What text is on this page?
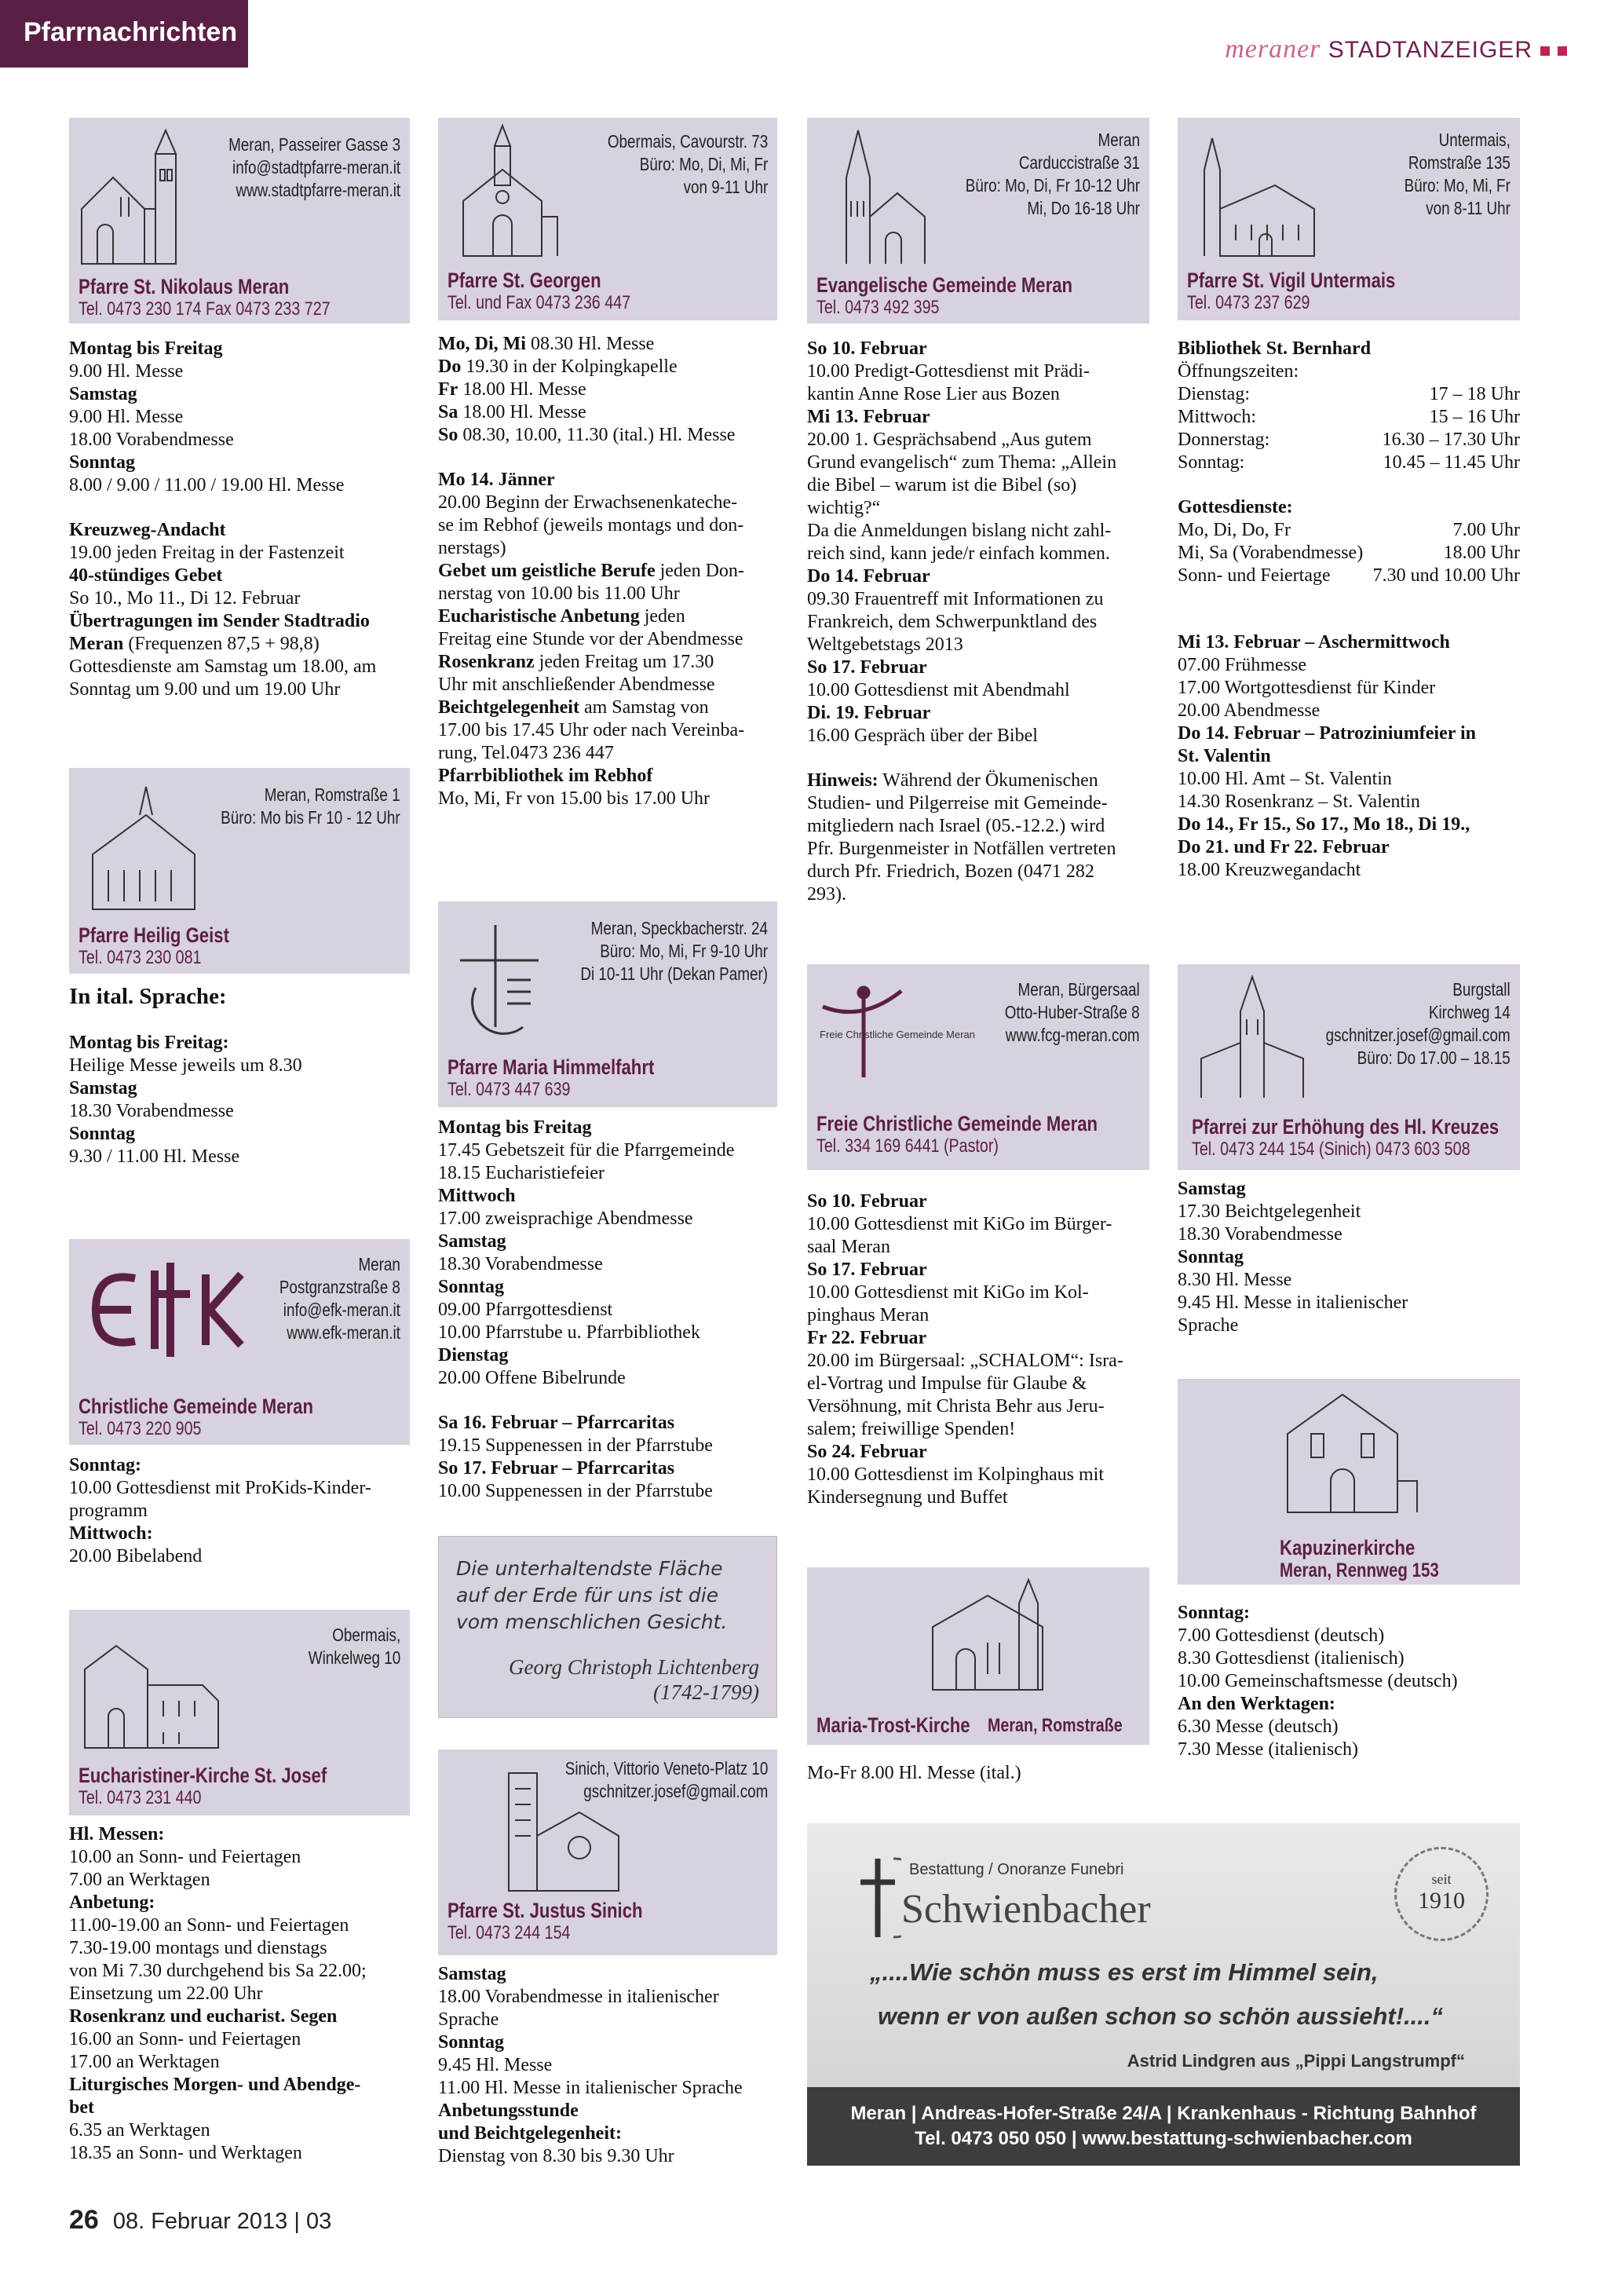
Pfarrnachrichten
meraner STADTANZEIGER
Meran, Passeirer Gasse 3
info@stadtpfarre-meran.it
www.stadtpfarre-meran.it
Pfarre St. Nikolaus Meran
Tel. 0473 230 174 Fax 0473 233 727
Obermais, Cavourstr. 73
Büro: Mo, Di, Mi, Fr
von 9-11 Uhr
Pfarre St. Georgen
Tel. und Fax 0473 236 447
Meran
Carduccistraße 31
Büro: Mo, Di, Fr 10-12 Uhr
Mi, Do 16-18 Uhr
Evangelische Gemeinde Meran
Tel. 0473 492 395
Untermais,
Romstraße 135
Büro: Mo, Mi, Fr
von 8-11 Uhr
Pfarre St. Vigil Untermais
Tel. 0473 237 629
Meran, Romstraße 1
Büro: Mo bis Fr 10 - 12 Uhr
Pfarre Heilig Geist
Tel. 0473 230 081
Meran, Speckbacherstr. 24
Büro: Mo, Mi, Fr 9-10 Uhr
Di 10-11 Uhr (Dekan Pamer)
Pfarre Maria Himmelfahrt
Tel. 0473 447 639
Freie Christliche Gemeinde Meran
Meran, Bürgersaal
Otto-Huber-Straße 8
www.fcg-meran.com
Freie Christliche Gemeinde Meran
Tel. 334 169 6441 (Pastor)
Burgstall
Kirchweg 14
gschnitzer.josef@gmail.com
Büro: Do 17.00 – 18.15
Pfarrei zur Erhöhung des Hl. Kreuzes
Tel. 0473 244 154 (Sinich) 0473 603 508
Meran
Postgranzstraße 8
info@efk-meran.it
www.efk-meran.it
Christliche Gemeinde Meran
Tel. 0473 220 905
Kapuzinerkirche
Meran, Rennweg 153
Obermais,
Winkelweg 10
Eucharistiner-Kirche St. Josef
Tel. 0473 231 440
Sinich, Vittorio Veneto-Platz 10
gschnitzer.josef@gmail.com
Pfarre St. Justus Sinich
Tel. 0473 244 154
Maria-Trost-Kirche Meran, Romstraße
Montag bis Freitag
9.00 Hl. Messe
Samstag
9.00 Hl. Messe
18.00 Vorabendmesse
Sonntag
8.00 / 9.00 / 11.00 / 19.00 Hl. Messe
Kreuzweg-Andacht
19.00 jeden Freitag in der Fastenzeit
40-stündiges Gebet
So 10., Mo 11., Di 12. Februar
Übertragungen im Sender Stadtradio
Meran (Frequenzen 87,5 + 98,8)
Gottesdienste am Samstag um 18.00, am
Sonntag um 9.00 und um 19.00 Uhr
In ital. Sprache:
Montag bis Freitag:
Heilige Messe jeweils um 8.30
Samstag
18.30 Vorabendmesse
Sonntag
9.30 / 11.00 Hl. Messe
Sonntag:
10.00 Gottesdienst mit ProKids-Kinder-
programm
Mittwoch:
20.00 Bibelabend
Hl. Messen:
10.00 an Sonn- und Feiertagen
7.00 an Werktagen
Anbetung:
11.00-19.00 an Sonn- und Feiertagen
7.30-19.00 montags und dienstags
von Mi 7.30 durchgehend bis Sa 22.00;
Einsetzung um 22.00 Uhr
Rosenkranz und eucharist. Segen
16.00 an Sonn- und Feiertagen
17.00 an Werktagen
Liturgisches Morgen- und Abendge-
bet
6.35 an Werktagen
18.35 an Sonn- und Werktagen
Mo, Di, Mi 08.30 Hl. Messe
Do 19.30 in der Kolpingkapelle
Fr 18.00 Hl. Messe
Sa 18.00 Hl. Messe
So 08.30, 10.00, 11.30 (ital.) Hl. Messe
Mo 14. Jänner
20.00 Beginn der Erwachsenenkateche-
se im Rebhof (jeweils montags und don-
nerstags)
Gebet um geistliche Berufe jeden Don-
nerstag von 10.00 bis 11.00 Uhr
Eucharistische Anbetung jeden
Freitag eine Stunde vor der Abendmesse
Rosenkranz jeden Freitag um 17.30
Uhr mit anschließender Abendmesse
Beichtgelegenheit am Samstag von
17.00 bis 17.45 Uhr oder nach Vereinba-
rung, Tel.0473 236 447
Pfarrbibliothek im Rebhof
Mo, Mi, Fr von 15.00 bis 17.00 Uhr
Montag bis Freitag
17.45 Gebetszeit für die Pfarrgemeinde
18.15 Eucharistiefeier
Mittwoch
17.00 zweisprachige Abendmesse
Samstag
18.30 Vorabendmesse
Sonntag
09.00 Pfarrgottesdienst
10.00 Pfarrstube u. Pfarrbibliothek
Dienstag
20.00 Offene Bibelrunde
Sa 16. Februar – Pfarrcaritas
19.15 Suppenessen in der Pfarrstube
So 17. Februar – Pfarrcaritas
10.00 Suppenessen in der Pfarrstube
Samstag
18.00 Vorabendmesse in italienischer
Sprache
Sonntag
9.45 Hl. Messe
11.00 Hl. Messe in italienischer Sprache
Anbetungsstunde
und Beichtgelegenheit:
Dienstag von 8.30 bis 9.30 Uhr
So 10. Februar
10.00 Predigt-Gottesdienst mit Prädi-
kantin Anne Rose Lier aus Bozen
Mi 13. Februar
20.00 1. Gesprächsabend „Aus gutem
Grund evangelisch“ zum Thema: „Allein
die Bibel – warum ist die Bibel (so)
wichtig?“
Da die Anmeldungen bislang nicht zahl-
reich sind, kann jede/r einfach kommen.
Do 14. Februar
09.30 Frauentreff mit Informationen zu
Frankreich, dem Schwerpunktland des
Weltgebetstags 2013
So 17. Februar
10.00 Gottesdienst mit Abendmahl
Di. 19. Februar
16.00 Gespräch über der Bibel
Hinweis: Während der Ökumenischen
Studien- und Pilgerreise mit Gemeinde-
mitgliedern nach Israel (05.-12.2.) wird
Pfr. Burgenmeister in Notfällen vertreten
durch Pfr. Friedrich, Bozen (0471 282
293).
So 10. Februar
10.00 Gottesdienst mit KiGo im Bürger-
saal Meran
So 17. Februar
10.00 Gottesdienst mit KiGo im Kol-
pinghaus Meran
Fr 22. Februar
20.00 im Bürgersaal: „SCHALOM“: Isra-
el-Vortrag und Impulse für Glaube &
Versöhnung, mit Christa Behr aus Jeru-
salem; freiwillige Spenden!
So 24. Februar
10.00 Gottesdienst im Kolpinghaus mit
Kindersegnung und Buffet
Mo-Fr 8.00 Hl. Messe (ital.)
Bibliothek St. Bernhard
Öffnungszeiten:
Dienstag:	17 – 18 Uhr
Mittwoch:	15 – 16 Uhr
Donnerstag:	16.30 – 17.30 Uhr
Sonntag:	10.45 – 11.45 Uhr
Gottesdienste:
Mo, Di, Do, Fr	7.00 Uhr
Mi, Sa (Vorabendmesse)	18.00 Uhr
Sonn- und Feiertage 7.30 und 10.00 Uhr
Mi 13. Februar – Aschermittwoch
07.00 Frühmesse
17.00 Wortgottesdienst für Kinder
20.00 Abendmesse
Do 14. Februar – Patroziniumfeier in
St. Valentin
10.00 Hl. Amt – St. Valentin
14.30 Rosenkranz – St. Valentin
Do 14., Fr 15., So 17., Mo 18., Di 19.,
Do 21. und Fr 22. Februar
18.00 Kreuzwegandacht
Samstag
17.30 Beichtgelegenheit
18.30 Vorabendmesse
Sonntag
8.30 Hl. Messe
9.45 Hl. Messe in italienischer
Sprache
Sonntag:
7.00 Gottesdienst (deutsch)
8.30 Gottesdienst (italienisch)
10.00 Gemeinschaftsmesse (deutsch)
An den Werktagen:
6.30 Messe (deutsch)
7.30 Messe (italienisch)
Die unterhaltendste Fläche
auf der Erde für uns ist die
vom menschlichen Gesicht.
Georg Christoph Lichtenberg
(1742-1799)
Bestattung / Onoranze Funebri
Schwienbacher
seit
1910
„....Wie schön muss es erst im Himmel sein,
wenn er von außen schon so schön aussieht!....“
Astrid Lindgren aus „Pippi Langstrumpf“
Meran | Andreas-Hofer-Straße 24/A | Krankenhaus - Richtung Bahnhof
Tel. 0473 050 050 | www.bestattung-schwienbacher.com
26 08. Februar 2013 | 03
